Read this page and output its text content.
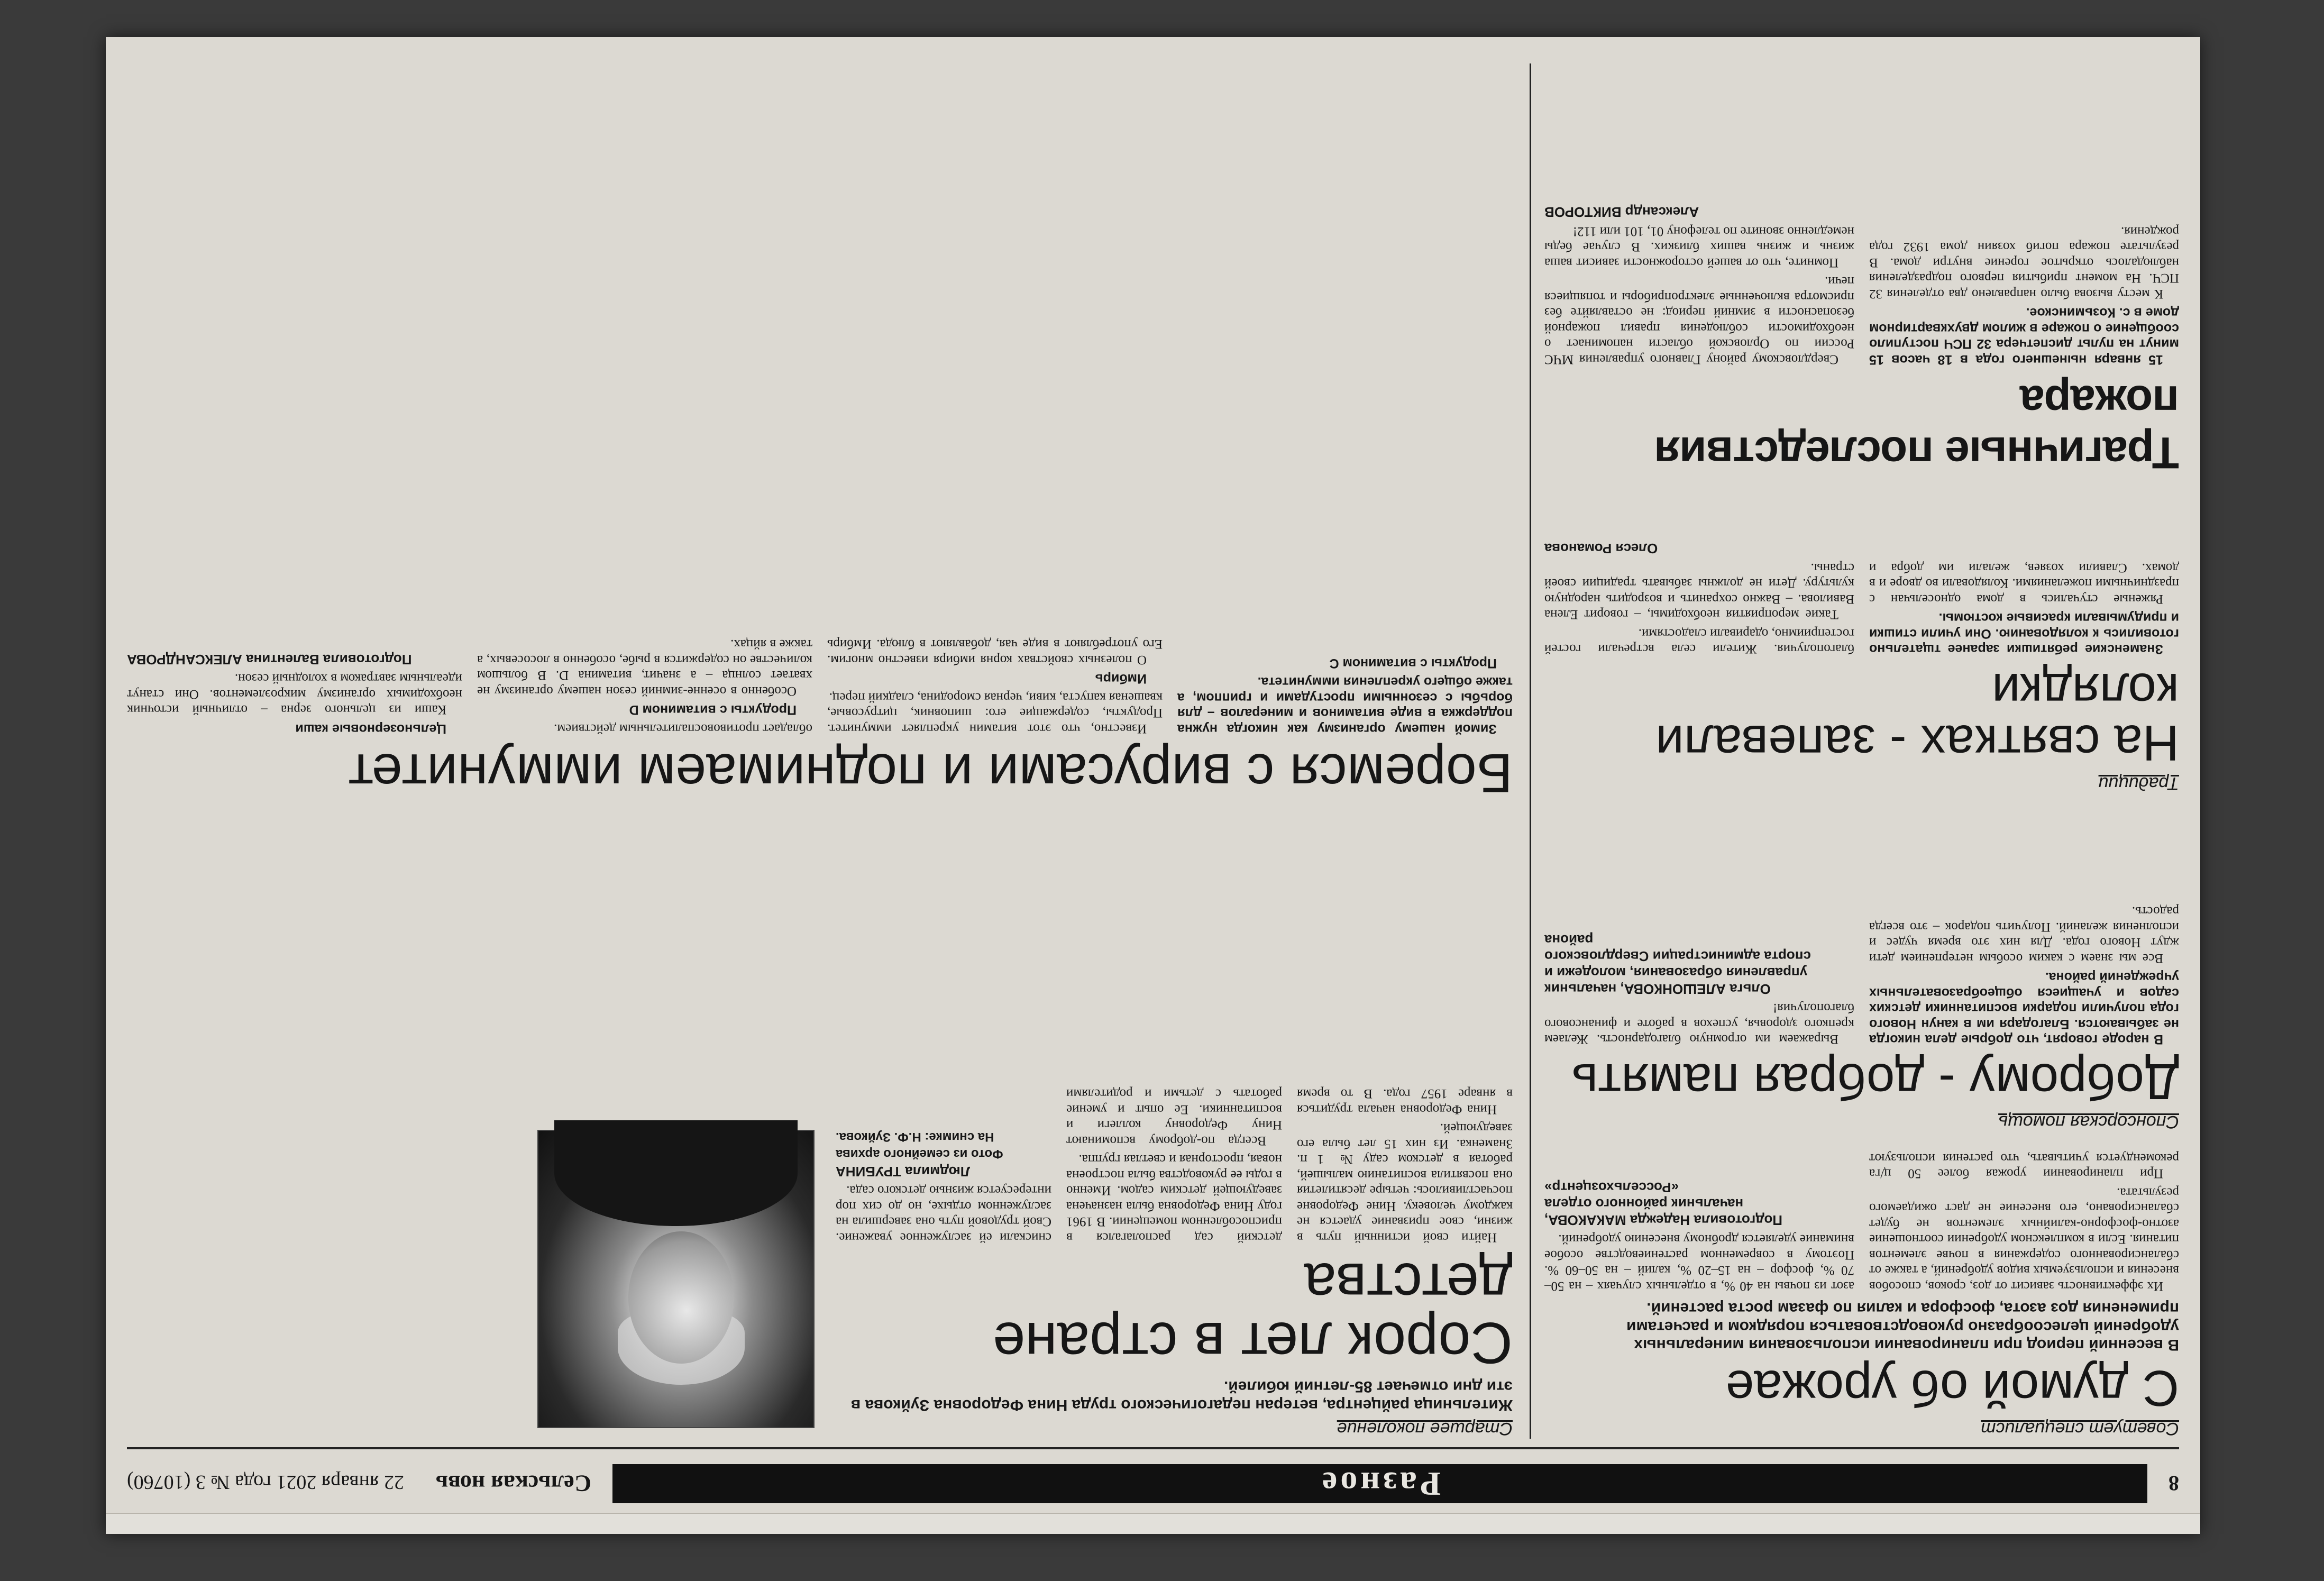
8
Разное
Сельская новь
22 января 2021 года № 3 (10760)
Советует специалист
С думой об урожае
В весенний период при планировании использования минеральных удобрений целесообразно руководствоваться порядком и расчетами применения доз азота, фосфора и калия по фазам роста растений.

Их эффективность зависит от доз, сроков, способов внесения и используемых видов удобрений, а также от сбалансированного содержания в почве элементов питания. Если в комплексном удобрении соотношение азотно-фосфорно-калийных элементов не будет сбалансировано, его внесение не даст ожидаемого результата.

При планировании урожая более 50 ц/га рекомендуется учитывать, что растения используют азот из почвы на 40 %, в отдельных случаях – на 50–70 %, фосфор – на 15–20 %, калий – на 50–60 %. Поэтому в современном растениеводстве особое внимание уделяется дробному внесению удобрений.

Подготовила Надежда МАКАКОВА, начальник районного отдела «Россельхозцентр»
Старшее поколение
Жительница райцентра, ветеран педагогического труда Нина Федоровна Зуйкова в эти дни отмечает 85-летний юбилей.
Сорок лет в стране детства

Найти свой истинный путь в жизни, свое призвание удается не каждому человеку. Нине Федоровне посчастливилось: четыре десятилетия она посвятила воспитанию малышей, работая в детском саду № 1 п. Знаменка. Из них 15 лет была его заведующей.

Нина Федоровна начала трудиться в январе 1957 года. В то время детский сад располагался в приспособленном помещении. В 1961 году Нина Федоровна была назначена заведующей детским садом. Именно в годы ее руководства была построена новая, просторная и светлая группа.

Всегда по-доброму вспоминают Нину Федоровну коллеги и воспитанники. Ее опыт и умение работать с детьми и родителями снискали ей заслуженное уважение. Свой трудовой путь она завершила на заслуженном отдыхе, но до сих пор интересуется жизнью детского сада.

Людмила ТРУБИНА
Фото из семейного архива
На снимке: Н.Ф. Зуйкова.
Спонсорская помощь
Доброму - добрая память

В народе говорят, что добрые дела никогда не забываются. Благодаря им в канун Нового года получили подарки воспитанники детских садов и учащиеся общеобразовательных учреждений района.

Все мы знаем с каким особым нетерпением дети ждут Нового года. Для них это время чудес и исполнения желаний. Получить подарок – это всегда радость.

Выражаем им огромную благодарность. Желаем крепкого здоровья, успехов в работе и финансового благополучия!

Ольга АЛЕШОНКОВА, начальник управления образования, молодежи и спорта администрации Свердловского района
Традиции
На святках - запевали колядки

Знаменские ребятишки заранее тщательно готовились к колядованию. Они учили стишки и придумывали красивые костюмы.

Ряженые стучались в дома односельчан с праздничными пожеланиями. Колядовали во дворе и в домах. Славили хозяев, желали им добра и благополучия. Жители села встречали гостей гостеприимно, одаривали сладостями.

Такие мероприятия необходимы, – говорит Елена Вавилова. – Важно сохранить и возродить народную культуру. Дети не должны забывать традиции своей страны.

Олеся Романова
Трагичные последствия пожара

15 января нынешнего года в 18 часов 15 минут на пульт диспетчера 32 ПСЧ поступило сообщение о пожаре в жилом двухквартирном доме в с. Козьминское.

К месту вызова было направлено два отделения 32 ПСЧ. На момент прибытия первого подразделения наблюдалось открытое горение внутри дома. В результате пожара погиб хозяин дома 1932 года рождения.

Свердловскому району Главного управления МЧС России по Орловской области напоминает о необходимости соблюдения правил пожарной безопасности в зимний период: не оставляйте без присмотра включенные электроприборы и топящиеся печи.

Помните, что от вашей осторожности зависит ваша жизнь и жизнь ваших близких. В случае беды немедленно звоните по телефону 01, 101 или 112!

Александр ВИКТОРОВ
Боремся с вирусами и поднимаем иммунитет

Зимой нашему организму как никогда нужна поддержка в виде витаминов и минералов – для борьбы с сезонными простудами и гриппом, а также общего укрепления иммунитета.

Продукты с витамином С

Известно, что этот витамин укрепляет иммунитет. Продукты, содержащие его: шиповник, цитрусовые, квашеная капуста, киви, черная смородина, сладкий перец.

Имбирь

О полезных свойствах корня имбиря известно многим. Его употребляют в виде чая, добавляют в блюда. Имбирь обладает противовоспалительным действием.

Продукты с витамином D

Особенно в осенне-зимний сезон нашему организму не хватает солнца – а значит, витамина D. В большом количестве он содержится в рыбе, особенно в лососевых, а также в яйцах.

Цельнозерновые каши

Каши из цельного зерна – отличный источник необходимых организму микроэлементов. Они станут идеальным завтраком в холодный сезон.

Подготовила Валентина АЛЕКСАНДРОВА
